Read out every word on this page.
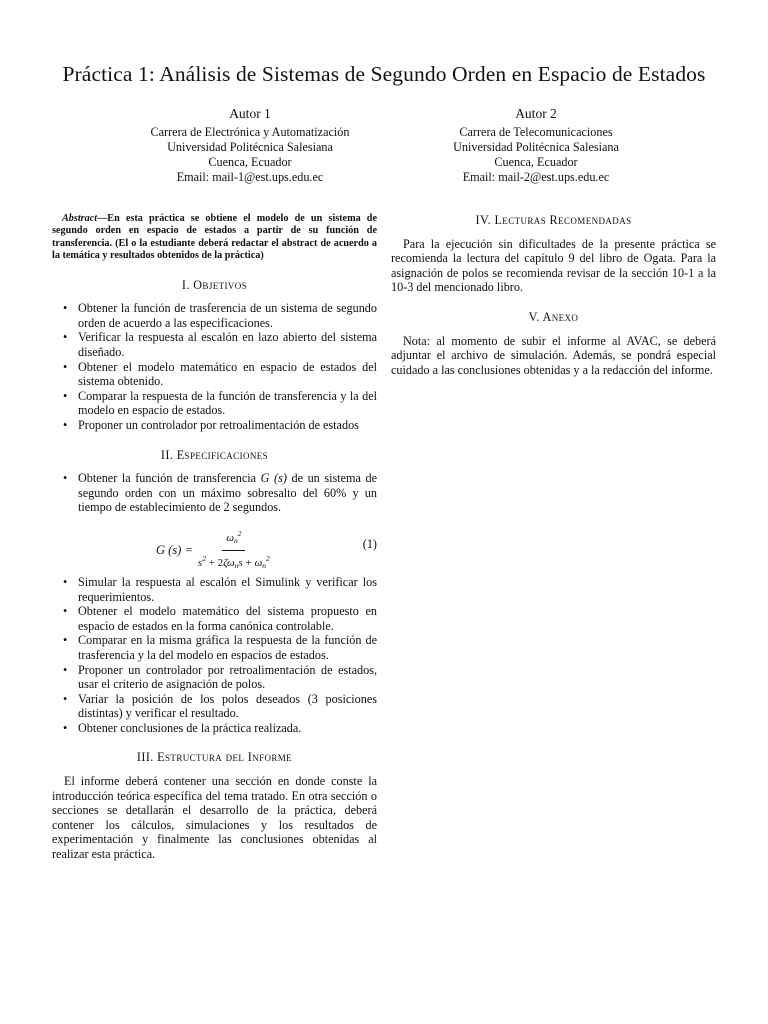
Práctica 1: Análisis de Sistemas de Segundo Orden en Espacio de Estados
Autor 1
Carrera de Electrónica y Automatización
Universidad Politécnica Salesiana
Cuenca, Ecuador
Email: mail-1@est.ups.edu.ec
Autor 2
Carrera de Telecomunicaciones
Universidad Politécnica Salesiana
Cuenca, Ecuador
Email: mail-2@est.ups.edu.ec
Abstract—En esta práctica se obtiene el modelo de un sistema de segundo orden en espacio de estados a partir de su función de transferencia. (El o la estudiante deberá redactar el abstract de acuerdo a la temática y resultados obtenidos de la práctica)
I. Objetivos
• Obtener la función de trasferencia de un sistema de segundo orden de acuerdo a las especificaciones.
• Verificar la respuesta al escalón en lazo abierto del sistema diseñado.
• Obtener el modelo matemático en espacio de estados del sistema obtenido.
• Comparar la respuesta de la función de transferencia y la del modelo en espacio de estados.
• Proponer un controlador por retroalimentación de estados
II. Especificaciones
• Obtener la función de transferencia G (s) de un sistema de segundo orden con un máximo sobresalto del 60% y un tiempo de establecimiento de 2 segundos.
G $(s) = \frac{\omega_n^2}{s^2 + 2\zeta\omega_ns + \omega_n^2}$	(1)
• Simular la respuesta al escalón el Simulink y verificar los requerimientos.
• Obtener el modelo matemático del sistema propuesto en espacio de estados en la forma canónica controlable.
• Comparar en la misma gráfica la respuesta de la función de trasferencia y la del modelo en espacios de estados.
• Proponer un controlador por retroalimentación de estados, usar el criterio de asignación de polos.
• Variar la posición de los polos deseados (3 posiciones distintas) y verificar el resultado.
• Obtener conclusiones de la práctica realizada.
III. Estructura del Informe

El informe deberá contener una sección en donde conste la introducción teórica específica del tema tratado. En otra sección o secciones se detallarán el desarrollo de la práctica, deberá contener los cálculos, simulaciones y los resultados de experimentación y finalmente las conclusiones obtenidas al realizar esta práctica.

IV. Lecturas Recomendadas

Para la ejecución sin dificultades de la presente práctica se recomienda la lectura del capítulo 9 del libro de Ogata. Para la asignación de polos se recomienda revisar de la sección 10-1 a la 10-3 del mencionado libro.

V. Anexo

Nota: al momento de subir el informe al AVAC, se deberá adjuntar el archivo de simulación. Además, se pondrá especial cuidado a las conclusiones obtenidas y a la redacción del informe.
